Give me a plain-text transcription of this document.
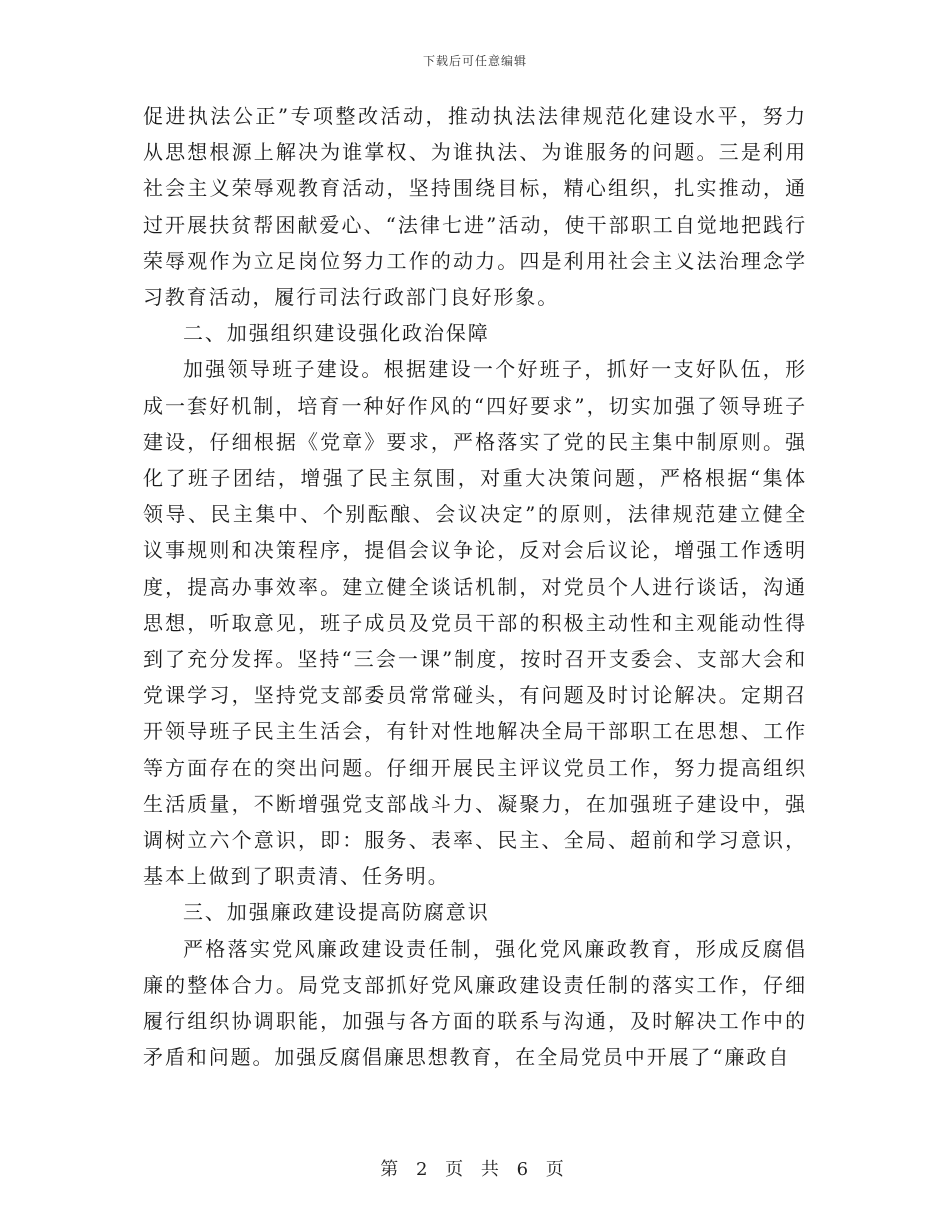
下载后可任意编辑

促进执法公正”专项整改活动，推动执法法律规范化建设水平，努力从思想根源上解决为谁掌权、为谁执法、为谁服务的问题。三是利用社会主义荣辱观教育活动，坚持围绕目标，精心组织，扎实推动，通过开展扶贫帮困献爱心、“法律七进”活动，使干部职工自觉地把践行荣辱观作为立足岗位努力工作的动力。四是利用社会主义法治理念学习教育活动，履行司法行政部门良好形象。

二、加强组织建设强化政治保障

加强领导班子建设。根据建设一个好班子，抓好一支好队伍，形成一套好机制，培育一种好作风的“四好要求”，切实加强了领导班子建设，仔细根据《党章》要求，严格落实了党的民主集中制原则。强化了班子团结，增强了民主氛围，对重大决策问题，严格根据“集体领导、民主集中、个别酝酿、会议决定”的原则，法律规范建立健全议事规则和决策程序，提倡会议争论，反对会后议论，增强工作透明度，提高办事效率。建立健全谈话机制，对党员个人进行谈话，沟通思想，听取意见，班子成员及党员干部的积极主动性和主观能动性得到了充分发挥。坚持“三会一课”制度，按时召开支委会、支部大会和党课学习，坚持党支部委员常常碰头，有问题及时讨论解决。定期召开领导班子民主生活会，有针对性地解决全局干部职工在思想、工作等方面存在的突出问题。仔细开展民主评议党员工作，努力提高组织生活质量，不断增强党支部战斗力、凝聚力，在加强班子建设中，强调树立六个意识，即：服务、表率、民主、全局、超前和学习意识，基本上做到了职责清、任务明。

三、加强廉政建设提高防腐意识

严格落实党风廉政建设责任制，强化党风廉政教育，形成反腐倡廉的整体合力。局党支部抓好党风廉政建设责任制的落实工作，仔细履行组织协调职能，加强与各方面的联系与沟通，及时解决工作中的矛盾和问题。加强反腐倡廉思想教育，在全局党员中开展了“廉政自

第 2 页 共 6 页
